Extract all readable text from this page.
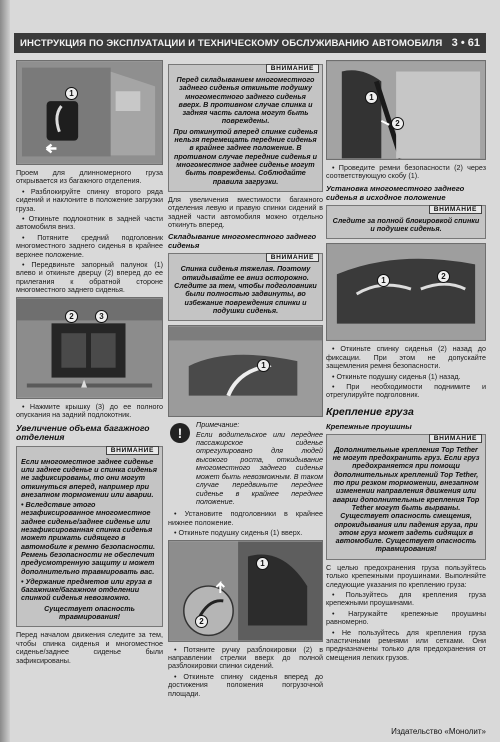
ИНСТРУКЦИЯ ПО ЭКСПЛУАТАЦИИ И ТЕХНИЧЕСКОМУ ОБСЛУЖИВАНИЮ АВТОМОБИЛЯ 3 • 61
1

Проем для длинномерного груза открывается из багажного отделения.

• Разблокируйте спинку второго ряда сидений и наклоните в положение загрузки груза.

• Откиньте подлокотник в задней части автомобиля вниз.

• Потяните средний подголовник многоместного заднего сиденья в крайнее верхнее положение.

• Передвиньте запорный палунок (1) влево и откиньте дверцу (2) вперед до ее прилегания к обратной стороне многоместного заднего сиденья.

2	3

• Нажмите крышку (3) до ее полного опускания на задний подлокотник.

Увеличение объема багажного отделения
ВНИМАНИЕ

Если многоместное заднее сиденье или заднее сиденье и спинка сиденья не зафиксированы, то они могут откинуться вперед, например при внезапном торможении или аварии.

• Вследствие этого незафиксированное многоместное заднее сиденье/заднее сиденье или незафиксированная спинка сиденья может прижать сидящего в автомобиле к ремню безопасности. Ремень безопасности не обеспечит предусмотренную защиту и может дополнительно травмировать вас.

• Удержание предметов или груза в багажнике/багажном отделении спинкой сиденья невозможно.

Существует опасность травмирования!

Перед началом движения следите за тем, чтобы спинка сиденья и многоместное сиденье/заднее сиденье были зафиксированы.

ВНИМАНИЕ

Перед складыванием многоместного заднего сиденья откиньте подушку многоместного заднего сиденья вверх. В противном случае спинка и задняя часть салона могут быть повреждены.

При откинутой вперед спинке сиденья нельзя перемещать передние сиденья в крайнее заднее положение. В противном случае передние сиденья и многоместное заднее сиденье могут быть повреждены. Соблюдайте правила загрузки.

Для увеличения вместимости багажного отделения левую и правую спинки сидений в задней части автомобиля можно отдельно откинуть вперед.

Складывание многоместного заднего сиденья
ВНИМАНИЕ

Спинка сиденья тяжелая. Поэтому откидывайте ее вниз осторожно. Следите за тем, чтобы подголовники были полностью задвинуты, во избежание повреждения спинки и подушки сиденья.

1
!

Примечание:

Если водительское или переднее пассажирское сиденье отрегулировано для людей высокого роста, откидывание многоместного заднего сиденья может быть невозможным. В таком случае передвиньте переднее сиденье в крайнее переднее положение.

• Установите подголовники в крайнее нижнее положение.

• Откиньте подушку сиденья (1) вверх.

1
2

• Потяните ручку разблокировки (2) в направлении стрелки вверх до полной разблокировки спинки сидений.

• Откиньте спинку сиденья вперед до достижения положения погрузочной площади.

1
2

• Проведите ремни безопасности (2) через соответствующую скобу (1).

Установка многоместного заднего сиденья в исходное положение
ВНИМАНИЕ

Следите за полной блокировкой спинки и подушек сиденья.

1	2

• Откиньте спинку сиденья (2) назад до фиксации. При этом не допускайте защемления ремня безопасности.

• Откиньте подушку сиденья (1) назад.

• При необходимости поднимите и отрегулируйте подголовник.

Крепление груза
Крепежные проушины
ВНИМАНИЕ

Дополнительные крепления Top Tether не могут предохранить груз. Если груз предохраняется при помощи дополнительных креплений Top Tether, то при резком торможении, внезапном изменении направления движения или аварии дополнительные крепления Top Tether могут быть вырваны. Существует опасность смещения, опрокидывания или падения груза, при этом груз может задеть сидящих в автомобиле. Существует опасность травмирования!

С целью предохранения груза пользуйтесь только крепежными проушинами. Выполняйте следующие указания по креплению груза:

• Пользуйтесь для крепления груза крепежными проушинами.

• Нагружайте крепежные проушины равномерно.

• Не пользуйтесь для крепления груза эластичными ремнями или сетками. Они предназначены только для предохранения от смещения легких грузов.

Издательство «Монолит»
